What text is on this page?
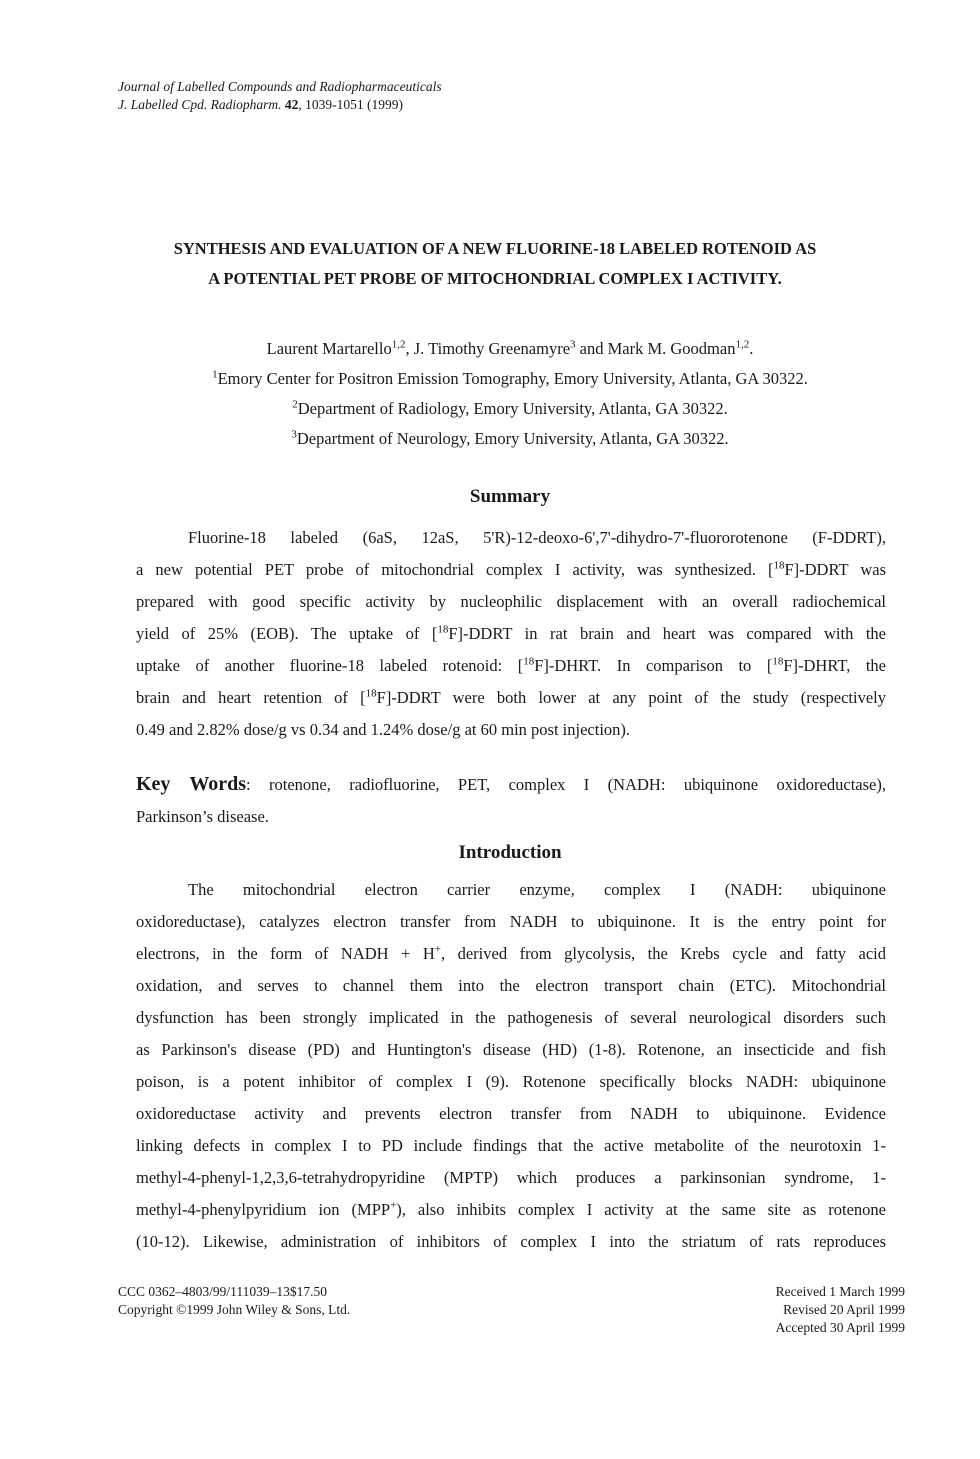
Journal of Labelled Compounds and Radiopharmaceuticals
J. Labelled Cpd. Radiopharm. 42, 1039-1051 (1999)
SYNTHESIS AND EVALUATION OF A NEW FLUORINE-18 LABELED ROTENOID AS
A POTENTIAL PET PROBE OF MITOCHONDRIAL COMPLEX I ACTIVITY.
Laurent Martarello$^{1,2}$, J. Timothy Greenamyre$^3$ and Mark M. Goodman$^{1,2}$.
$^1$Emory Center for Positron Emission Tomography, Emory University, Atlanta, GA 30322.
$^2$Department of Radiology, Emory University, Atlanta, GA 30322.
$^3$Department of Neurology, Emory University, Atlanta, GA 30322.
Summary
Fluorine-18 labeled (6aS, 12aS, 5'R)-12-deoxo-6',7'-dihydro-7'-fluororotenone (F-DDRT),
a new potential PET probe of mitochondrial complex I activity, was synthesized. [$^{18}$F]-DDRT was
prepared with good specific activity by nucleophilic displacement with an overall radiochemical
yield of 25% (EOB). The uptake of [$^{18}$F]-DDRT in rat brain and heart was compared with the
uptake of another fluorine-18 labeled rotenoid: [$^{18}$F]-DHRT. In comparison to [$^{18}$F]-DHRT, the
brain and heart retention of [$^{18}$F]-DDRT were both lower at any point of the study (respectively
0.49 and 2.82% dose/g vs 0.34 and 1.24% dose/g at 60 min post injection).
Key Words: rotenone, radiofluorine, PET, complex I (NADH: ubiquinone oxidoreductase),
Parkinson’s disease.
Introduction
The mitochondrial electron carrier enzyme, complex I (NADH: ubiquinone
oxidoreductase), catalyzes electron transfer from NADH to ubiquinone. It is the entry point for
electrons, in the form of NADH + H+, derived from glycolysis, the Krebs cycle and fatty acid
oxidation, and serves to channel them into the electron transport chain (ETC). Mitochondrial
dysfunction has been strongly implicated in the pathogenesis of several neurological disorders such
as Parkinson's disease (PD) and Huntington's disease (HD) (1-8). Rotenone, an insecticide and fish
poison, is a potent inhibitor of complex I (9). Rotenone specifically blocks NADH: ubiquinone
oxidoreductase activity and prevents electron transfer from NADH to ubiquinone. Evidence
linking defects in complex I to PD include findings that the active metabolite of the neurotoxin 1-
methyl-4-phenyl-1,2,3,6-tetrahydropyridine (MPTP) which produces a parkinsonian syndrome, 1-
methyl-4-phenylpyridium ion (MPP+), also inhibits complex I activity at the same site as rotenone
(10-12). Likewise, administration of inhibitors of complex I into the striatum of rats reproduces
CCC 0362–4803/99/111039–13$17.50
Copyright ©1999 John Wiley & Sons, Ltd.
Received 1 March 1999
Revised 20 April 1999
Accepted 30 April 1999
